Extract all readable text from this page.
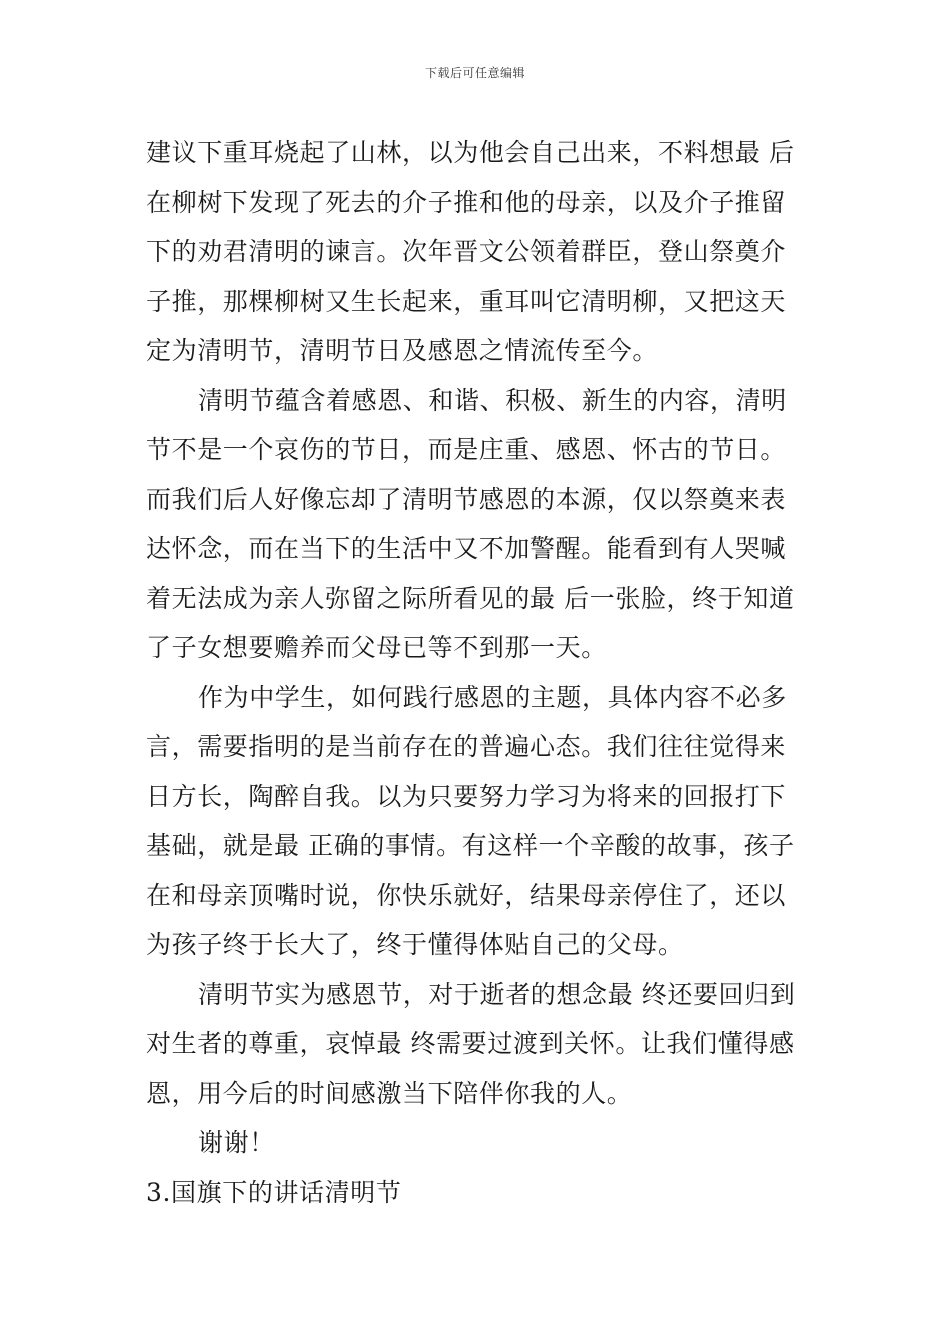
下载后可任意编辑
建议下重耳烧起了山林，以为他会自己出来，不料想最 后
在柳树下发现了死去的介子推和他的母亲，以及介子推留
下的劝君清明的谏言。次年晋文公领着群臣，登山祭奠介
子推，那棵柳树又生长起来，重耳叫它清明柳，又把这天
定为清明节，清明节日及感恩之情流传至今。
清明节蕴含着感恩、和谐、积极、新生的内容，清明
节不是一个哀伤的节日，而是庄重、感恩、怀古的节日。
而我们后人好像忘却了清明节感恩的本源，仅以祭奠来表
达怀念，而在当下的生活中又不加警醒。能看到有人哭喊
着无法成为亲人弥留之际所看见的最 后一张脸，终于知道
了子女想要赡养而父母已等不到那一天。
作为中学生，如何践行感恩的主题，具体内容不必多
言，需要指明的是当前存在的普遍心态。我们往往觉得来
日方长，陶醉自我。以为只要努力学习为将来的回报打下
基础，就是最 正确的事情。有这样一个辛酸的故事，孩子
在和母亲顶嘴时说，你快乐就好，结果母亲停住了，还以
为孩子终于长大了，终于懂得体贴自己的父母。
清明节实为感恩节，对于逝者的想念最 终还要回归到
对生者的尊重，哀悼最 终需要过渡到关怀。让我们懂得感
恩，用今后的时间感激当下陪伴你我的人。
谢谢！
3.国旗下的讲话清明节
